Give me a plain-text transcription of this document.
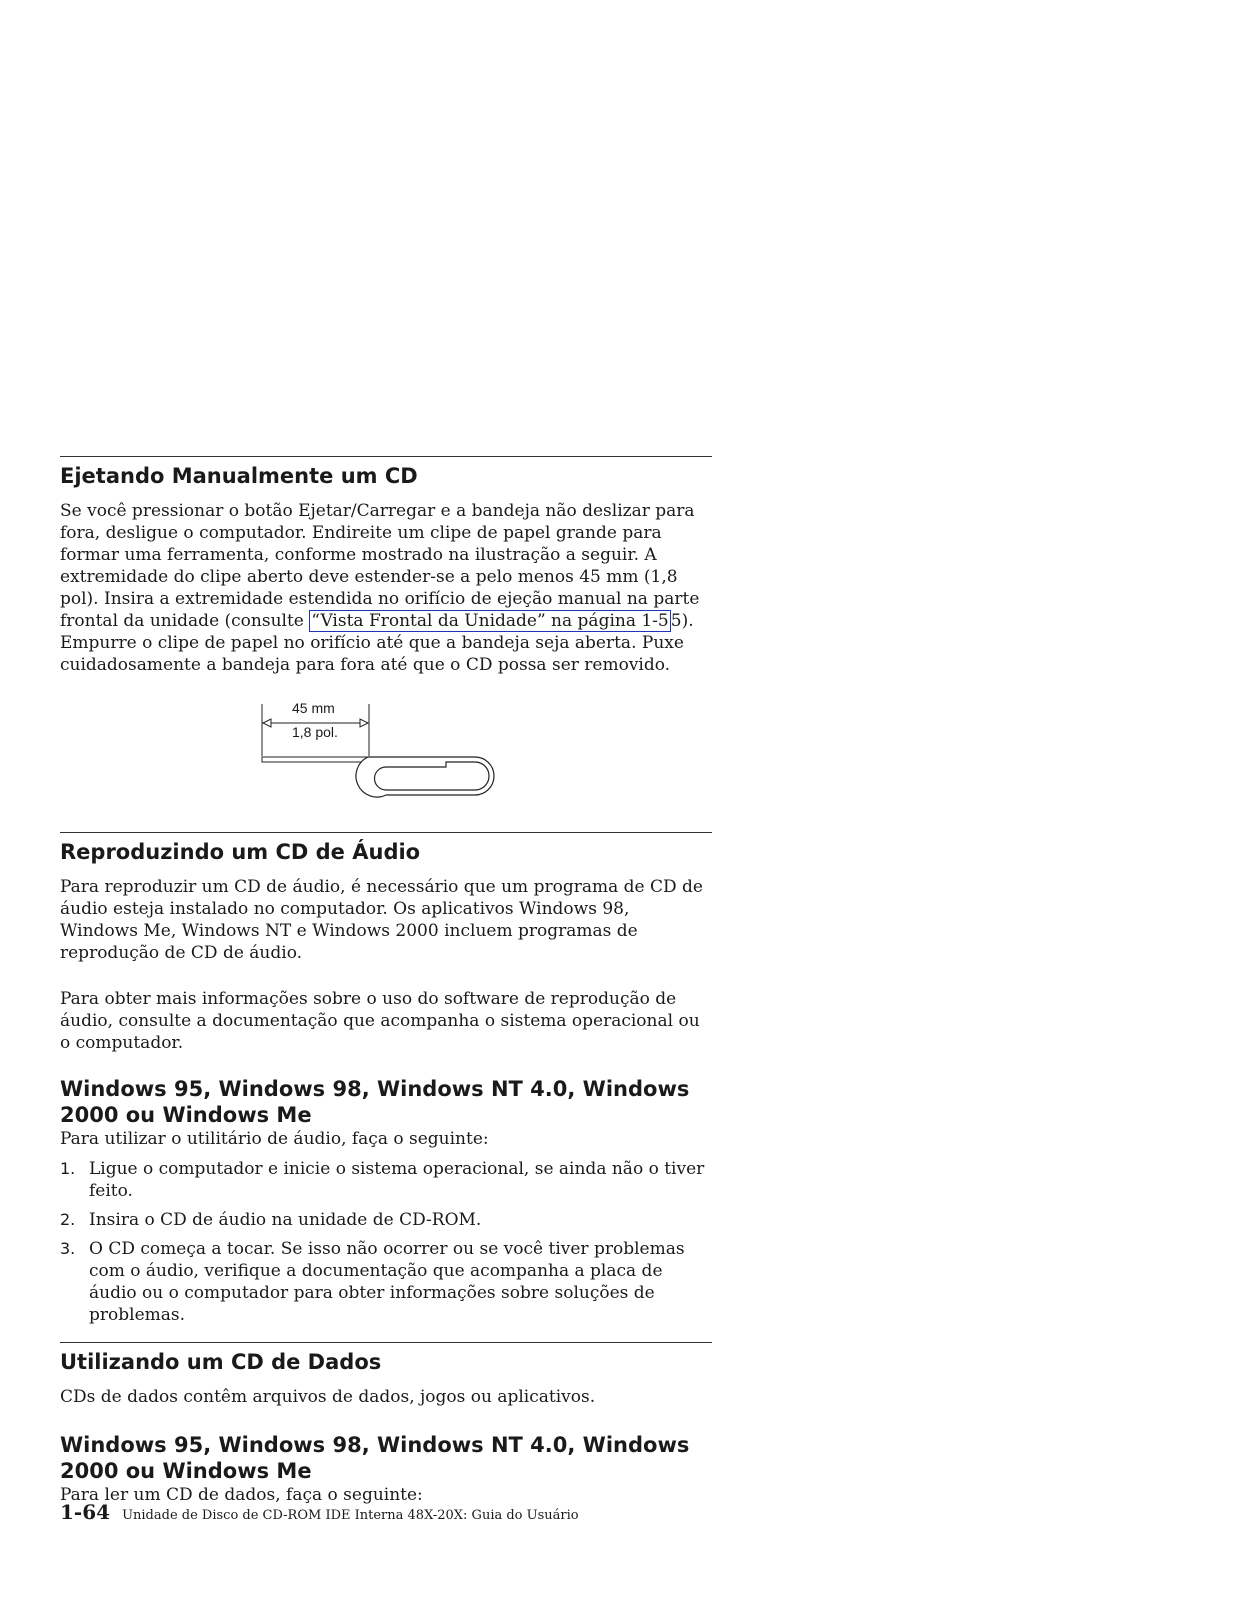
Ejetando Manualmente um CD

Se você pressionar o botão Ejetar/Carregar e a bandeja não deslizar para fora, desligue o computador. Endireite um clipe de papel grande para formar uma ferramenta, conforme mostrado na ilustração a seguir. A extremidade do clipe aberto deve estender-se a pelo menos 45 mm (1,8 pol). Insira a extremidade estendida no orifício de ejeção manual na parte frontal da unidade (consulte “Vista Frontal da Unidade” na página 1-5 5). Empurre o clipe de papel no orifício até que a bandeja seja aberta. Puxe cuidadosamente a bandeja para fora até que o CD possa ser removido.

45 mm
1,8 pol.
Reproduzindo um CD de Áudio

Para reproduzir um CD de áudio, é necessário que um programa de CD de áudio esteja instalado no computador. Os aplicativos Windows 98, Windows Me, Windows NT e Windows 2000 incluem programas de reprodução de CD de áudio.

Para obter mais informações sobre o uso do software de reprodução de áudio, consulte a documentação que acompanha o sistema operacional ou o computador.

Windows 95, Windows 98, Windows NT 4.0, Windows 2000 ou Windows Me

Para utilizar o utilitário de áudio, faça o seguinte:

1. Ligue o computador e inicie o sistema operacional, se ainda não o tiver feito.

2. Insira o CD de áudio na unidade de CD-ROM.

3. O CD começa a tocar. Se isso não ocorrer ou se você tiver problemas com o áudio, verifique a documentação que acompanha a placa de áudio ou o computador para obter informações sobre soluções de problemas.

Utilizando um CD de Dados

CDs de dados contêm arquivos de dados, jogos ou aplicativos.

Windows 95, Windows 98, Windows NT 4.0, Windows 2000 ou Windows Me

Para ler um CD de dados, faça o seguinte:

1-64 Unidade de Disco de CD-ROM IDE Interna 48X-20X: Guia do Usuário
